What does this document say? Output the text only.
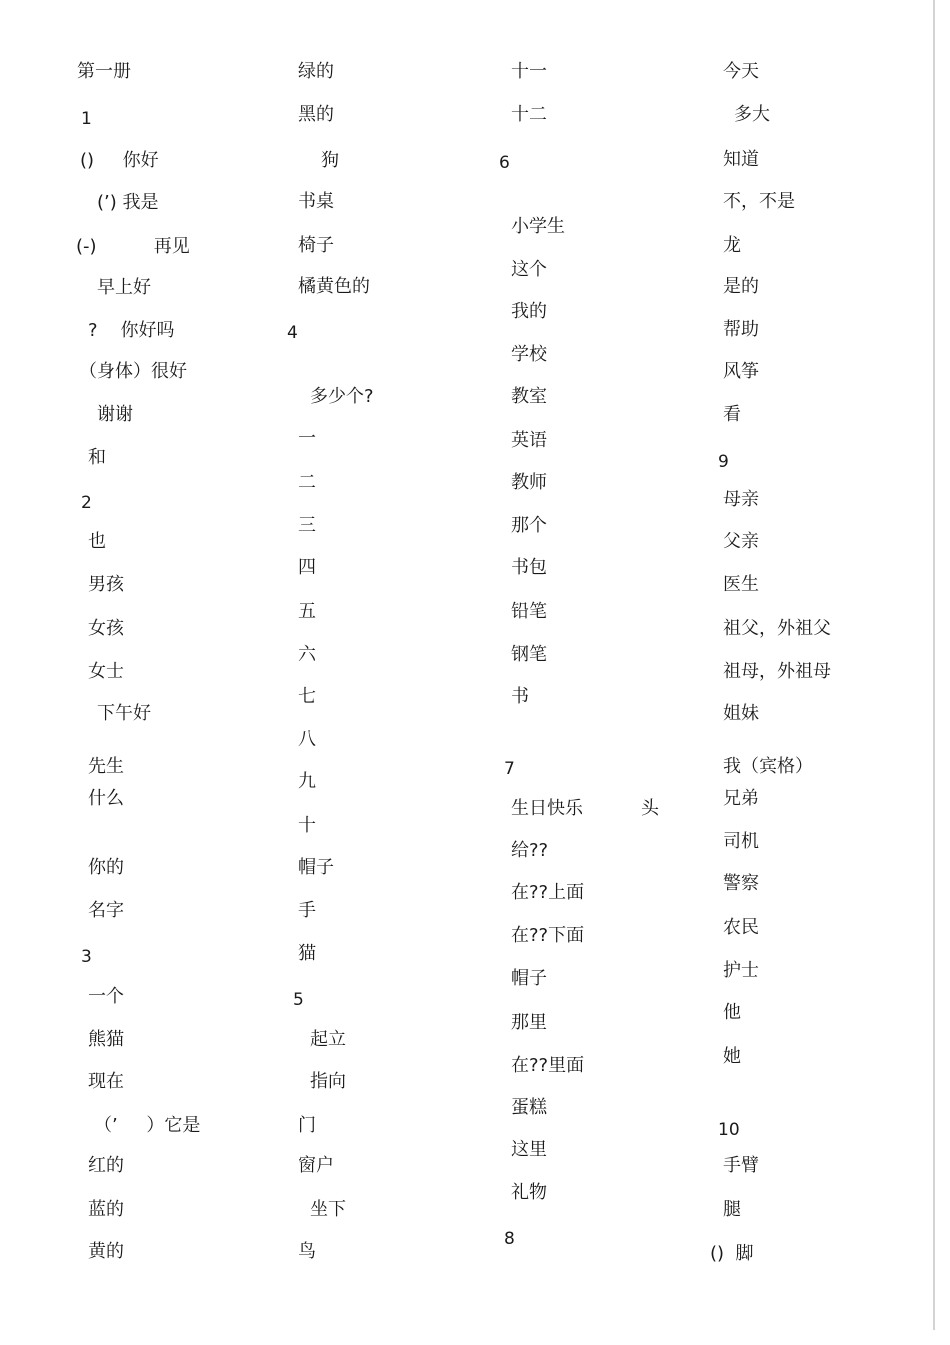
第一册
1
()     你好
(’) 我是
(-)          再见
早上好
?    你好吗
（身体）很好
谢谢
和
2
也
男孩
女孩
女士
下午好
先生
什么
你的
名字
3
一个
熊猫
现在
（’     ）它是
红的
蓝的
黄的
绿的
黑的
狗
书桌
椅子
橘黄色的
4
多少个?
一
二
三
四
五
六
七
八
九
十
帽子
手
猫
5
起立
指向
门
窗户
坐下
鸟
十一
十二
6
小学生
这个
我的
学校
教室
英语
教师
那个
书包
铅笔
钢笔
书
7
生日快乐	头
给??
在??上面
在??下面
帽子
那里
在??里面
蛋糕
这里
礼物
8
今天
多大
知道
不，不是
龙
是的
帮助
风筝
看
9
母亲
父亲
医生
祖父，外祖父
祖母，外祖母
姐妹
我（宾格）
兄弟
司机
警察
农民
护士
他
她
10
手臂
腿
()  脚
